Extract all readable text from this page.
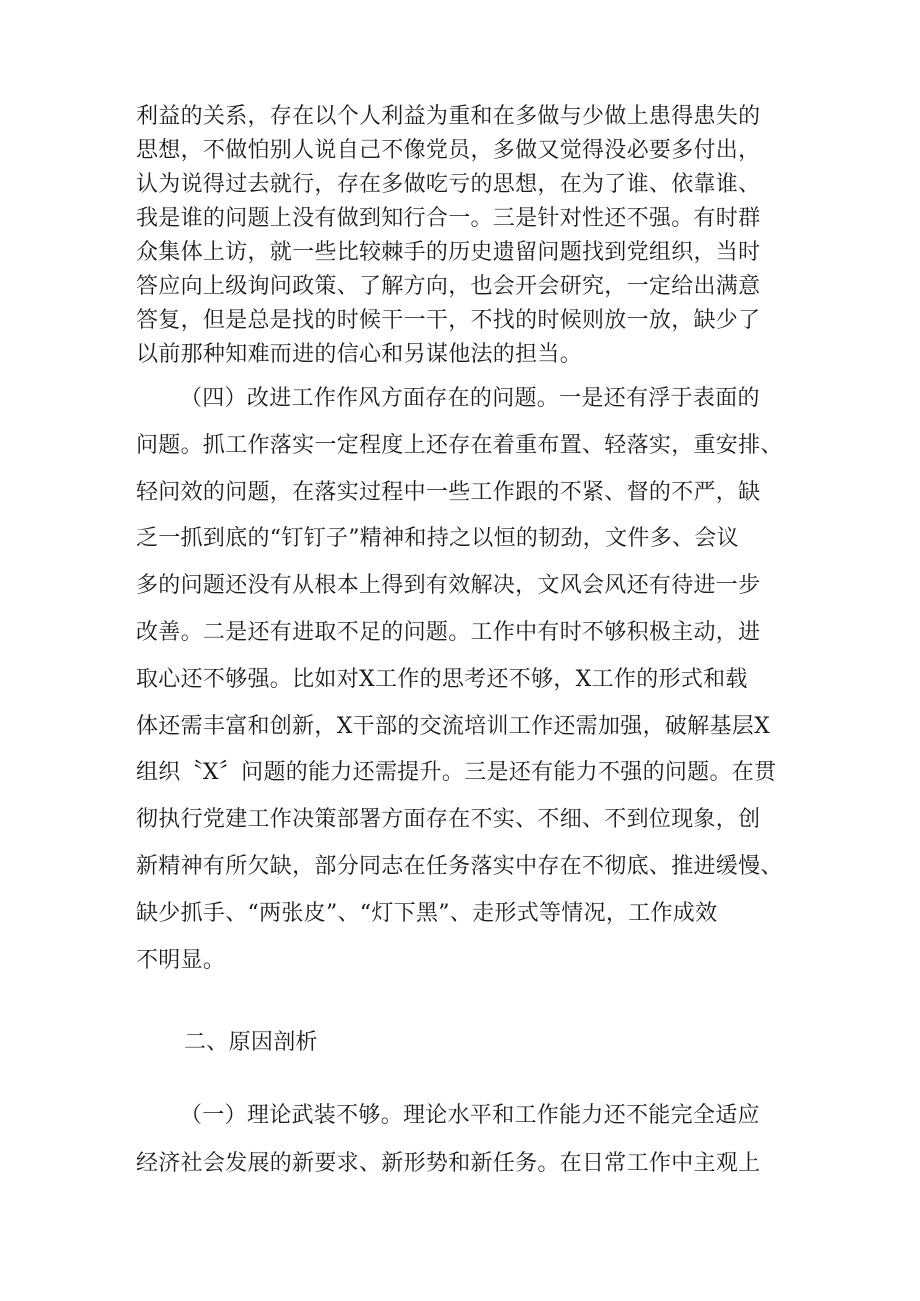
利益的关系，存在以个人利益为重和在多做与少做上患得患失的
思想，不做怕别人说自己不像党员，多做又觉得没必要多付出，
认为说得过去就行，存在多做吃亏的思想，在为了谁、依靠谁、
我是谁的问题上没有做到知行合一。三是针对性还不强。有时群
众集体上访，就一些比较棘手的历史遗留问题找到党组织，当时
答应向上级询问政策、了解方向，也会开会研究，一定给出满意
答复，但是总是找的时候干一干，不找的时候则放一放，缺少了
以前那种知难而进的信心和另谋他法的担当。
（四）改进工作作风方面存在的问题。一是还有浮于表面的
问题。抓工作落实一定程度上还存在着重布置、轻落实，重安排、
轻问效的问题，在落实过程中一些工作跟的不紧、督的不严，缺
乏一抓到底的“钉钉子”精神和持之以恒的韧劲，文件多、会议
多的问题还没有从根本上得到有效解决，文风会风还有待进一步
改善。二是还有进取不足的问题。工作中有时不够积极主动，进
取心还不够强。比如对X工作的思考还不够，X工作的形式和载
体还需丰富和创新，X干部的交流培训工作还需加强，破解基层X
组织〝X〞问题的能力还需提升。三是还有能力不强的问题。在贯
彻执行党建工作决策部署方面存在不实、不细、不到位现象，创
新精神有所欠缺，部分同志在任务落实中存在不彻底、推进缓慢、
缺少抓手、“两张皮”、“灯下黑”、走形式等情况，工作成效
不明显。
二、原因剖析
（一）理论武装不够。理论水平和工作能力还不能完全适应
经济社会发展的新要求、新形势和新任务。在日常工作中主观上
